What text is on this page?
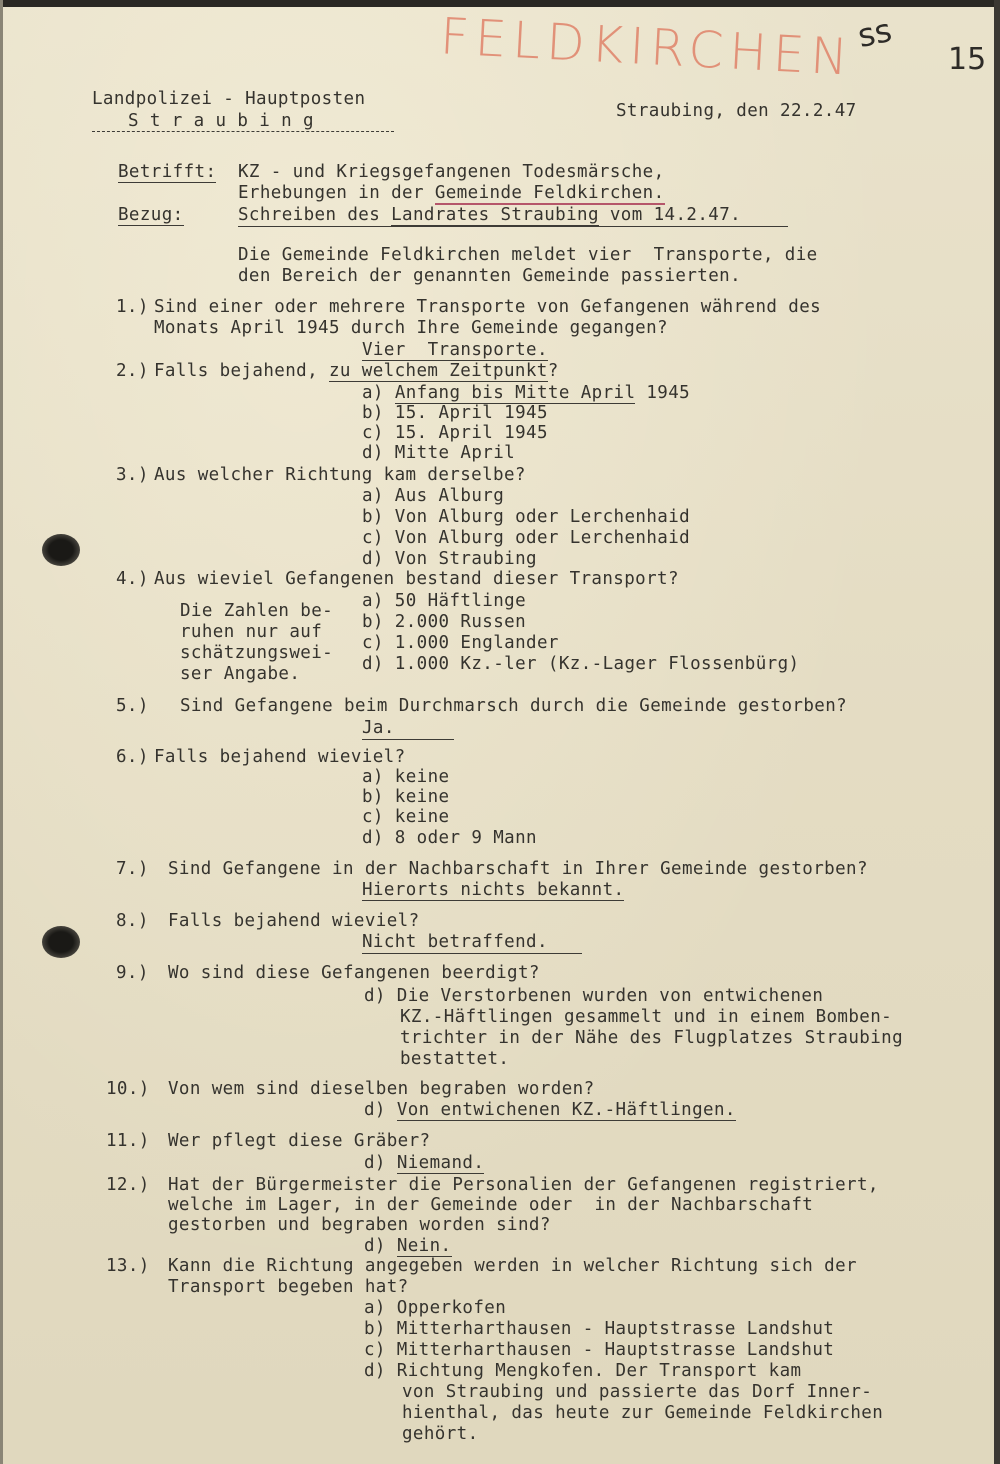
FELDKIRCHEN ss
15
Landpolizei - Hauptposten
S t r a u b i n g	Straubing, den 22.2.47
Betrifft: KZ - und Kriegsgefangenen Todesmärsche,
Erhebungen in der Gemeinde Feldkirchen.
Bezug:	Schreiben des Landrates Straubing vom 14.2.47.
Die Gemeinde Feldkirchen meldet vier  Transporte, die
den Bereich der genannten Gemeinde passierten.
1.) Sind einer oder mehrere Transporte von Gefangenen während des
Monats April 1945 durch Ihre Gemeinde gegangen?
Vier  Transporte.
2.) Falls bejahend, zu welchem Zeitpunkt?
a) Anfang bis Mitte April 1945
b) 15. April 1945
c) 15. April 1945
d) Mitte April
3.) Aus welcher Richtung kam derselbe?
a) Aus Alburg
b) Von Alburg oder Lerchenhaid
c) Von Alburg oder Lerchenhaid
d) Von Straubing
4.) Aus wieviel Gefangenen bestand dieser Transport?
Die Zahlen be-
ruhen nur auf
schätzungswei-
ser Angabe.
a) 50 Häftlinge
b) 2.000 Russen
c) 1.000 Englander
d) 1.000 Kz.-ler (Kz.-Lager Flossenbürg)
5.) Sind Gefangene beim Durchmarsch durch die Gemeinde gestorben?
Ja.
6.) Falls bejahend wieviel?
a) keine
b) keine
c) keine
d) 8 oder 9 Mann
7.) Sind Gefangene in der Nachbarschaft in Ihrer Gemeinde gestorben?
Hierorts nichts bekannt.
8.) Falls bejahend wieviel?
Nicht betraffend.
9.) Wo sind diese Gefangenen beerdigt?
d) Die Verstorbenen wurden von entwichenen
KZ.-Häftlingen gesammelt und in einem Bomben-
trichter in der Nähe des Flugplatzes Straubing
bestattet.
10.) Von wem sind dieselben begraben worden?
d) Von entwichenen KZ.-Häftlingen.
11.) Wer pflegt diese Gräber?
d) Niemand.
12.) Hat der Bürgermeister die Personalien der Gefangenen registriert,
welche im Lager, in der Gemeinde oder  in der Nachbarschaft
gestorben und begraben worden sind?
d) Nein.
13.) Kann die Richtung angegeben werden in welcher Richtung sich der
Transport begeben hat?
a) Opperkofen
b) Mitterharthausen - Hauptstrasse Landshut
c) Mitterharthausen - Hauptstrasse Landshut
d) Richtung Mengkofen. Der Transport kam
von Straubing und passierte das Dorf Inner-
hienthal, das heute zur Gemeinde Feldkirchen
gehört.
